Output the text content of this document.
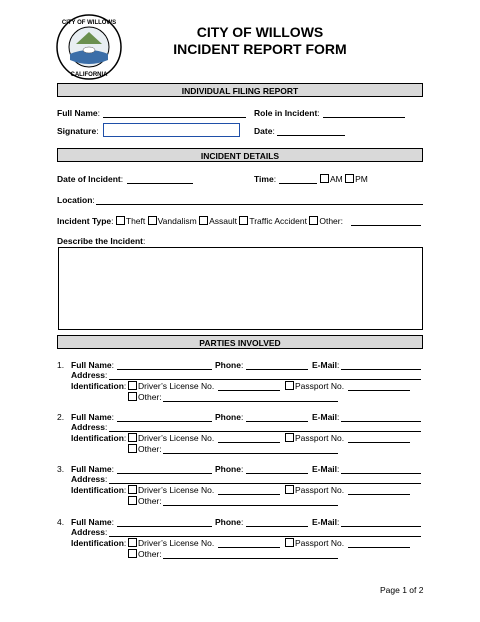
CITY OF WILLOWS
CALIFORNIA
CITY OF WILLOWS
INCIDENT REPORT FORM
INDIVIDUAL FILING REPORT
Full Name:	Role in Incident:
Signature:	Date:
INCIDENT DETAILS
Date of Incident:	Time:	AM PM
Location:
Incident Type: Theft Vandalism Assault Traffic Accident Other:
Describe the Incident:
PARTIES INVOLVED
1. Full Name:	Phone:	E-Mail:
Address:
Identification:	Driver’s License No.	Passport No.
Other:
2. Full Name:	Phone:	E-Mail:
Address:
Identification:	Driver’s License No.	Passport No.
Other:
3. Full Name:	Phone:	E-Mail:
Address:
Identification:	Driver’s License No.	Passport No.
Other:
4. Full Name:	Phone:	E-Mail:
Address:
Identification:	Driver’s License No.	Passport No.
Other:
Page 1 of 2
